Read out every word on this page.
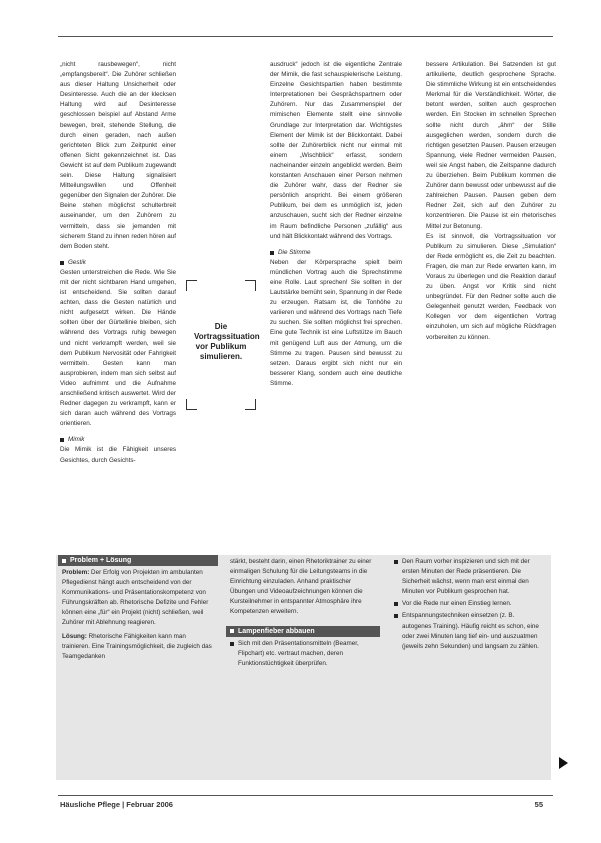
„nicht rausbewegen“, nicht „empfangsbereit“. Die Zuhörer schließen aus dieser Haltung Unsicherheit oder Desinteresse. Auch die an der klecksen Haltung wird auf Desinteresse geschlossen beispiel auf Abstand Arme bewegen, breit, stehende Stellung, die durch einen geraden, nach außen gerichteten Blick zum Zeitpunkt einer offenen Sicht gekennzeichnet ist. Das Gewicht ist auf dem Publikum zugewandt sein. Diese Haltung signalisiert Mitteilungswillen und Offenheit gegenüber den Signalen der Zuhörer. Die Beine stehen möglichst schulterbreit auseinander, um den Zuhörern zu vermitteln, dass sie jemanden mit sicherem Stand zu ihnen reden hören auf dem Boden steht.

Gestik

Gesten unterstreichen die Rede. Wie Sie mit der nicht sichtbaren Hand umgehen, ist entscheidend. Sie sollten darauf achten, dass die Gesten natürlich und nicht aufgesetzt wirken. Die Hände sollten über der Gürtellinie bleiben, sich während des Vortrags ruhig bewegen und nicht verkrampft werden, weil sie dem Publikum Nervosität oder Fahrigkeit vermitteln. Gesten kann man ausprobieren, indem man sich selbst auf Video aufnimmt und die Aufnahme anschließend kritisch auswertet. Wird der Redner dagegen zu verkrampft, kann er sich daran auch während des Vortrags orientieren.

Mimik

Die Mimik ist die Fähigkeit unseres Gesichtes, durch Gesichts-

Die Vortragssituation vor Publikum simulieren.

ausdruck“ jedoch ist die eigentliche Zentrale der Mimik, die fast schauspielerische Leistung. Einzelne Gesichtspartien haben bestimmte Interpretationen bei Gesprächspartnern oder Zuhörern. Nur das Zusammenspiel der mimischen Elemente stellt eine sinnvolle Grundlage zur Interpretation dar. Wichtigstes Element der Mimik ist der Blickkontakt. Dabei sollte der Zuhörerblick nicht nur einmal mit einem „Wischblick“ erfasst, sondern nacheinander einzeln angeblickt werden. Beim konstanten Anschauen einer Person nehmen die Zuhörer wahr, dass der Redner sie persönlich anspricht. Bei einem größeren Publikum, bei dem es unmöglich ist, jeden anzuschauen, sucht sich der Redner einzelne im Raum befindliche Personen „zufällig“ aus und hält Blickkontakt während des Vortrags.

Die Stimme

Neben der Körpersprache spielt beim mündlichen Vortrag auch die Sprechstimme eine Rolle. Laut sprechen! Sie sollten in der Lautstärke bemüht sein, Spannung in der Rede zu erzeugen. Ratsam ist, die Tonhöhe zu variieren und während des Vortrags nach Tiefe zu suchen. Sie sollten möglichst frei sprechen. Eine gute Technik ist eine Luftstütze im Bauch mit genügend Luft aus der Atmung, um die Stimme zu tragen. Pausen sind bewusst zu setzen. Daraus ergibt sich nicht nur ein besserer Klang, sondern auch eine deutliche Stimme.

bessere Artikulation. Bei Satzenden ist gut artikulierte, deutlich gesprochene Sprache. Die stimmliche Wirkung ist ein entscheidendes Merkmal für die Verständlichkeit. Wörter, die betont werden, sollten auch gesprochen werden. Ein Stocken im schnellen Sprechen sollte nicht durch „ähm“ der Stille ausgeglichen werden, sondern durch die richtigen gesetzten Pausen. Pausen erzeugen Spannung, viele Redner vermeiden Pausen, weil sie Angst haben, die Zeitspanne dadurch zu überziehen. Beim Publikum kommen die Zuhörer dann bewusst oder unbewusst auf die zahlreichen Pausen. Pausen geben dem Redner Zeit, sich auf den Zuhörer zu konzentrieren. Die Pause ist ein rhetorisches Mittel zur Betonung.

Es ist sinnvoll, die Vortragssituation vor Publikum zu simulieren. Diese „Simulation“ der Rede ermöglicht es, die Zeit zu beachten. Fragen, die man zur Rede erwarten kann, im Voraus zu überlegen und die Reaktion darauf zu üben. Angst vor Kritik sind nicht unbegründet. Für den Redner sollte auch die Gelegenheit genutzt werden, Feedback von Kollegen vor dem eigentlichen Vortrag einzuholen, um sich auf mögliche Rückfragen vorbereiten zu können.

Problem + Lösung

Problem: Der Erfolg von Projekten im ambulanten Pflegedienst hängt auch entscheidend von der Kommunikations- und Präsentationskompetenz von Führungskräften ab. Rhetorische Defizite und Fehler können eine „für“ ein Projekt (nicht) schließen, weil Zuhörer mit Ablehnung reagieren.

Lösung: Rhetorische Fähigkeiten kann man trainieren. Eine Trainingsmöglichkeit, die zugleich das Teamgedanken

stärkt, besteht darin, einen Rhetoriktrainer zu einer einmaligen Schulung für die Leitungsteams in die Einrichtung einzuladen. Anhand praktischer Übungen und Videoaufzeichnungen können die Kursteilnehmer in entspannter Atmosphäre ihre Kompetenzen erweitern.

Lampenfieber abbauen
Sich mit den Präsentationsmitteln (Beamer, Flipchart) etc. vertraut machen, deren Funktionstüchtigkeit überprüfen.
Den Raum vorher inspizieren und sich mit der ersten Minuten der Rede präsentieren. Die Sicherheit wächst, wenn man erst einmal den Minuten vor Publikum gesprochen hat.
Vor die Rede nur einen Einstieg lernen.
Entspannungstechniken einsetzen (z. B. autogenes Training). Häufig reicht es schon, eine oder zwei Minuten lang tief ein- und auszuatmen (jeweils zehn Sekunden) und langsam zu zählen.
Häusliche Pflege | Februar 2006	55
